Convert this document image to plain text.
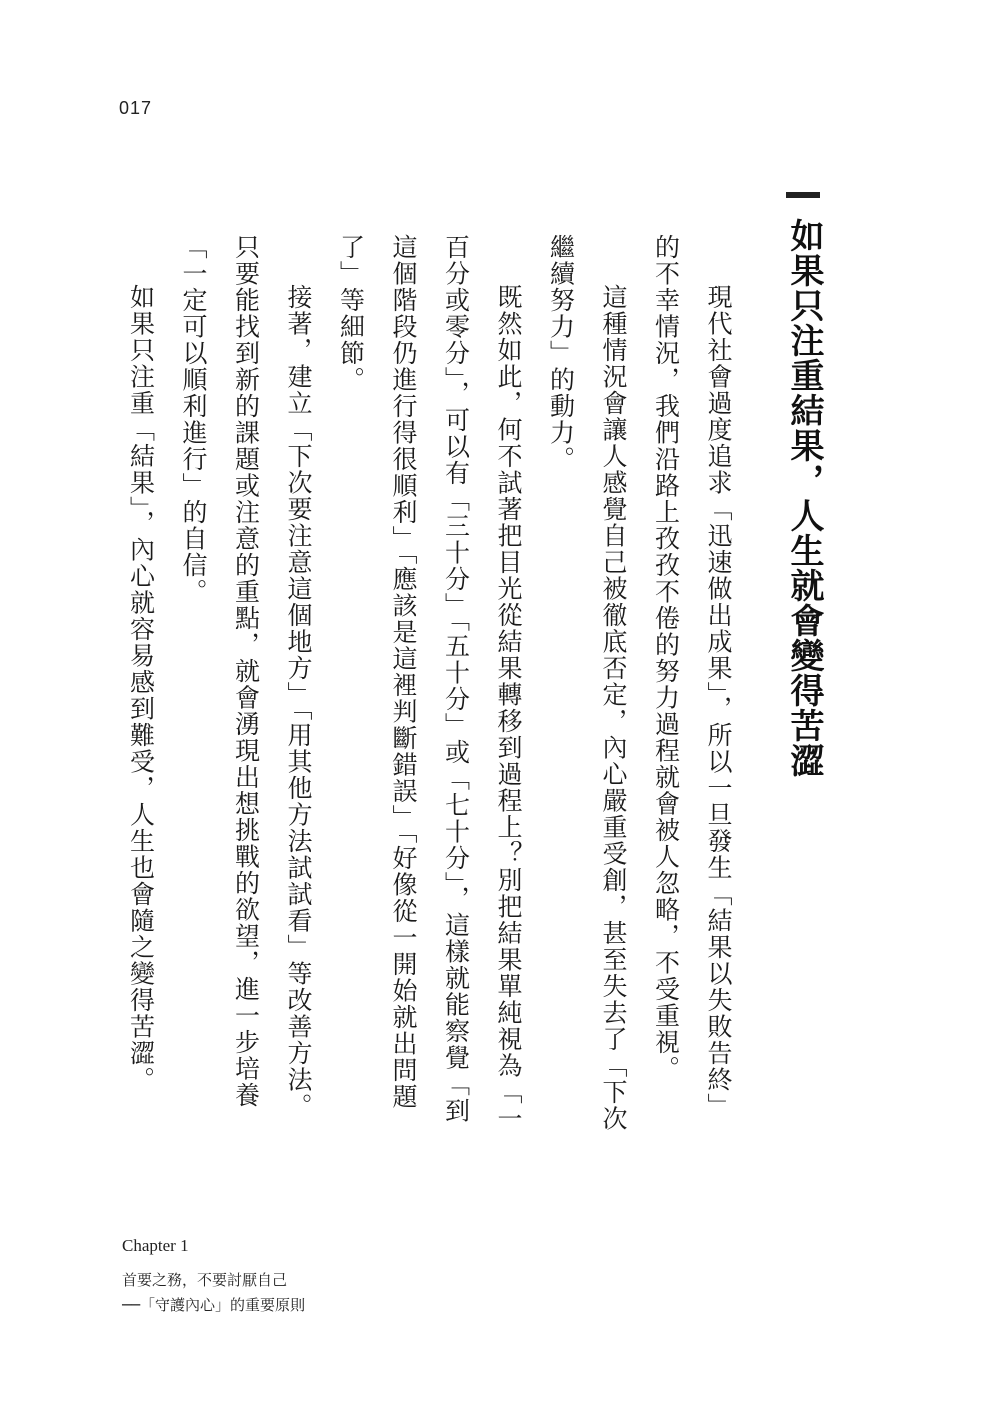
017
如果只注重結果，人生就會變得苦澀

現代社會過度追求「迅速做出成果」，所以一旦發生「結果以失敗告終」的不幸情況，我們沿路上孜孜不倦的努力過程就會被人忽略，不受重視。

這種情況會讓人感覺自己被徹底否定，內心嚴重受創，甚至失去了「下次繼續努力」的動力。

既然如此，何不試著把目光從結果轉移到過程上？別把結果單純視為「一百分或零分」，可以有「三十分」「五十分」或「七十分」，這樣就能察覺「到這個階段仍進行得很順利」「應該是這裡判斷錯誤」「好像從一開始就出問題了」等細節。

接著，建立「下次要注意這個地方」「用其他方法試試看」等改善方法。只要能找到新的課題或注意的重點，就會湧現出想挑戰的欲望，進一步培養「一定可以順利進行」的自信。

如果只注重「結果」，內心就容易感到難受，人生也會隨之變得苦澀。

Chapter 1
首要之務，不要討厭自己
──「守護內心」的重要原則
